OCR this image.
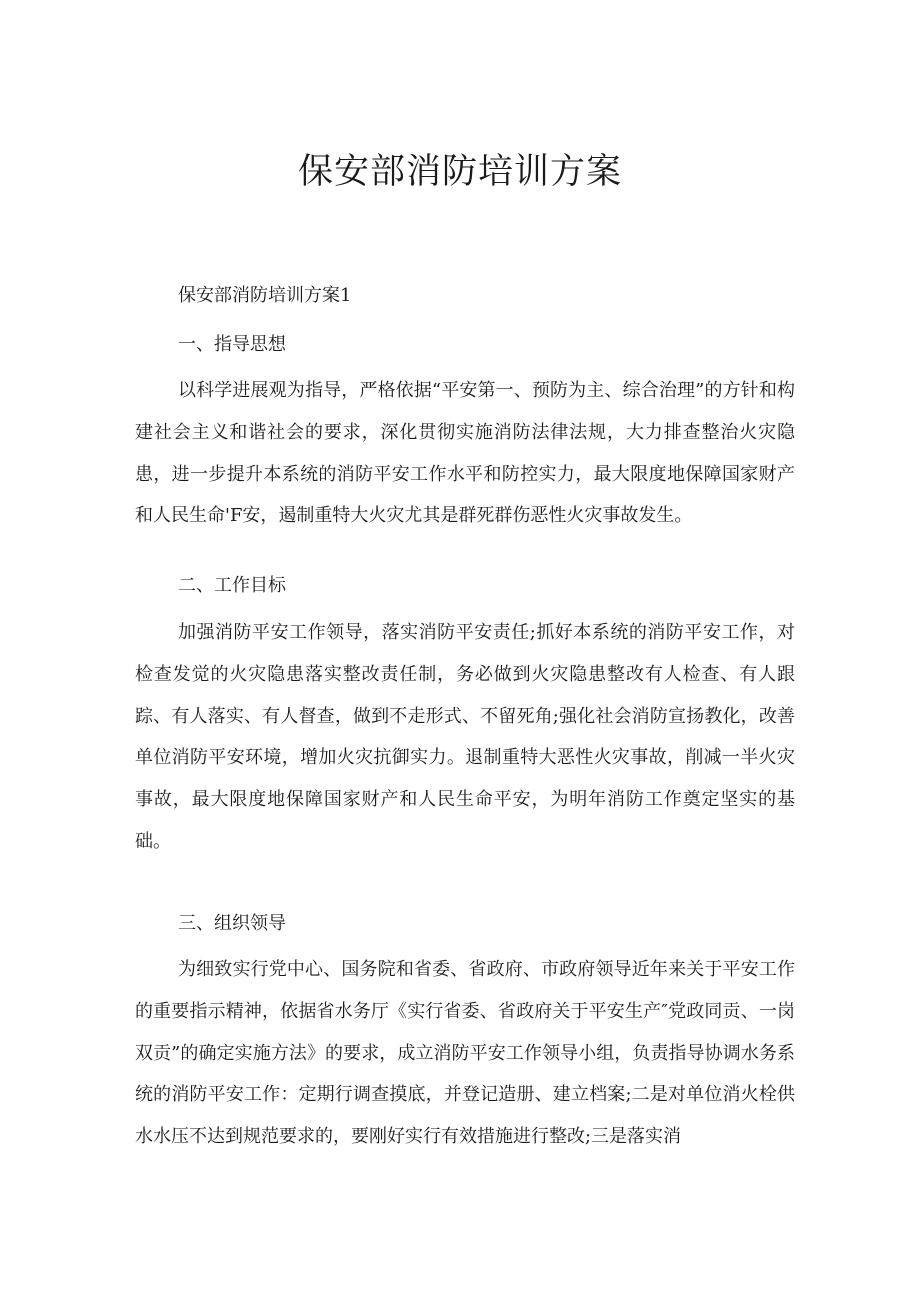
保安部消防培训方案

保安部消防培训方案1

一、指导思想

以科学进展观为指导，严格依据“平安第一、预防为主、综合治理”的方针和构建社会主义和谐社会的要求，深化贯彻实施消防法律法规，大力排查整治火灾隐患，进一步提升本系统的消防平安工作水平和防控实力，最大限度地保障国家财产和人民生命'F安，遏制重特大火灾尤其是群死群伤恶性火灾事故发生。

二、工作目标

加强消防平安工作领导，落实消防平安责任;抓好本系统的消防平安工作，对检查发觉的火灾隐患落实整改责任制，务必做到火灾隐患整改有人检查、有人跟踪、有人落实、有人督查，做到不走形式、不留死角;强化社会消防宣扬教化，改善单位消防平安环境，增加火灾抗御实力。退制重特大恶性火灾事故，削减一半火灾事故，最大限度地保障国家财产和人民生命平安，为明年消防工作奠定坚实的基础。

三、组织领导

为细致实行党中心、国务院和省委、省政府、市政府领导近年来关于平安工作的重要指示精神，依据省水务厅《实行省委、省政府关于平安生产″党政同贡、一岗双贡”的确定实施方法》的要求，成立消防平安工作领导小组，负责指导协调水务系统的消防平安工作：定期行调查摸底，并登记造册、建立档案;二是对单位消火栓供水水压不达到规范要求的，要刚好实行有效措施进行整改;三是落实消
